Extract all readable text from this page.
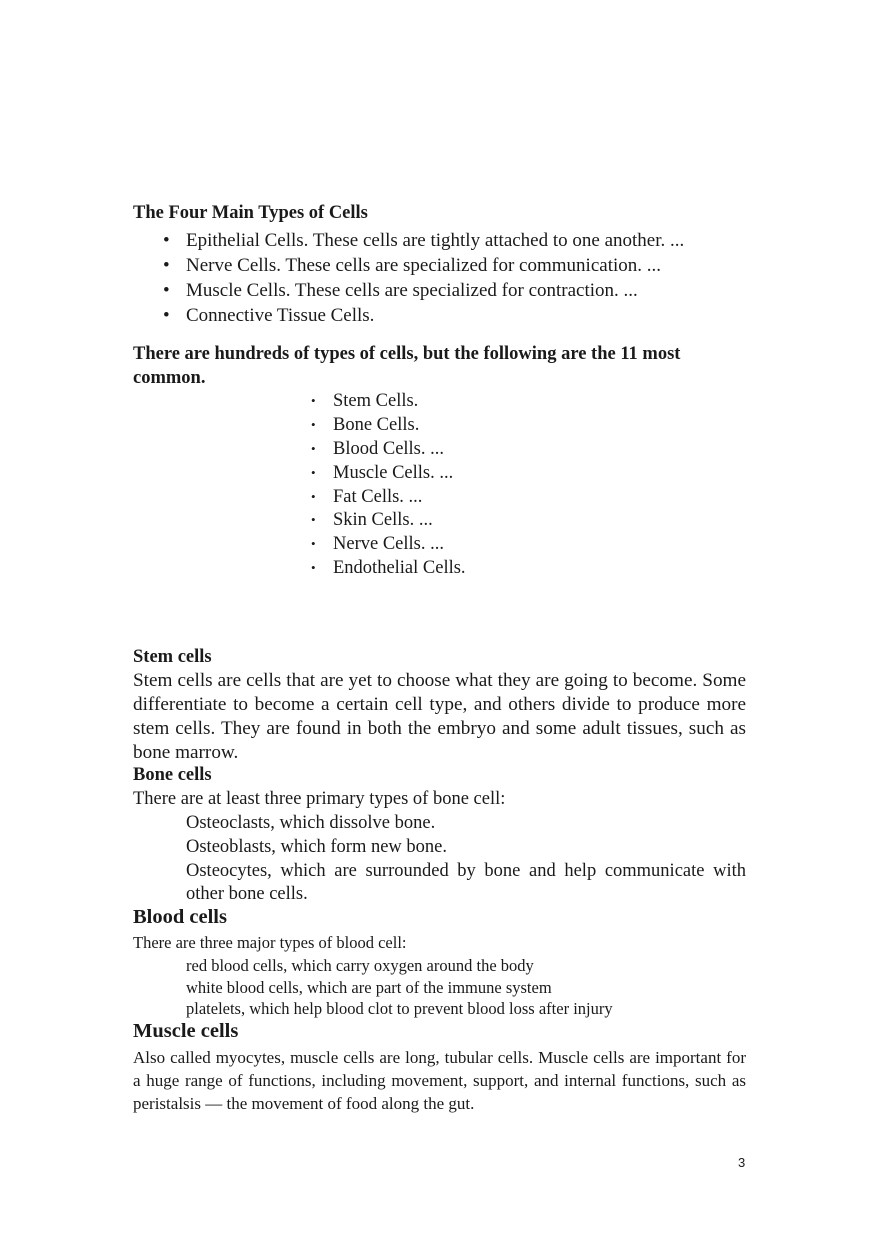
The Four Main Types of Cells
• Epithelial Cells. These cells are tightly attached to one another. ...
• Nerve Cells. These cells are specialized for communication. ...
• Muscle Cells. These cells are specialized for contraction. ...
• Connective Tissue Cells.
There are hundreds of types of cells, but the following are the 11 most common.
• Stem Cells.
• Bone Cells.
• Blood Cells. ...
• Muscle Cells. ...
• Fat Cells. ...
• Skin Cells. ...
• Nerve Cells. ...
• Endothelial Cells.
Stem cells
Stem cells are cells that are yet to choose what they are going to become. Some differentiate to become a certain cell type, and others divide to produce more stem cells. They are found in both the embryo and some adult tissues, such as bone marrow.
Bone cells
There are at least three primary types of bone cell:
Osteoclasts, which dissolve bone.
Osteoblasts, which form new bone.
Osteocytes, which are surrounded by bone and help communicate with other bone cells.
Blood cells
There are three major types of blood cell:
red blood cells, which carry oxygen around the body
white blood cells, which are part of the immune system
platelets, which help blood clot to prevent blood loss after injury
Muscle cells
Also called myocytes, muscle cells are long, tubular cells. Muscle cells are important for a huge range of functions, including movement, support, and internal functions, such as peristalsis — the movement of food along the gut.
3
